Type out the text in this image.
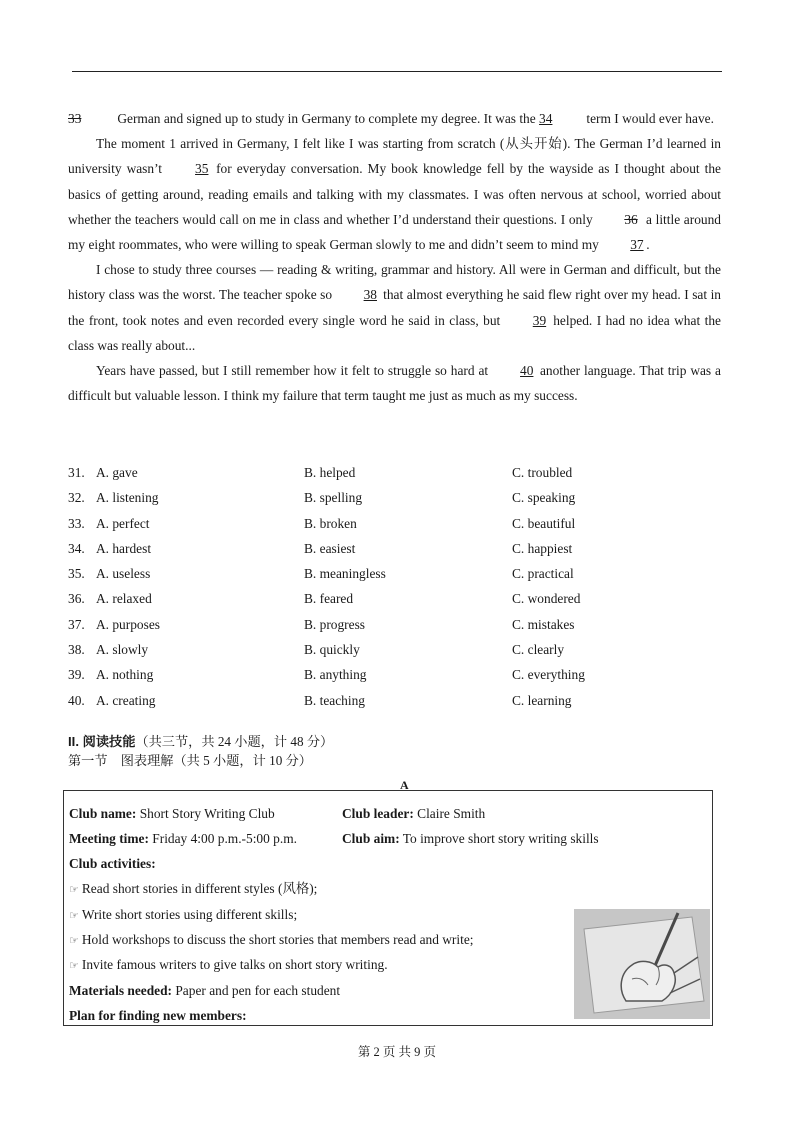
33 German and signed up to study in Germany to complete my degree. It was the 34 term I would ever have.

The moment 1 arrived in Germany, I felt like I was starting from scratch (从头开始). The German I’d learned in university wasn’t 35 for everyday conversation. My book knowledge fell by the wayside as I thought about the basics of getting around, reading emails and talking with my classmates. I was often nervous at school, worried about whether the teachers would call on me in class and whether I’d understand their questions. I only 36 a little around my eight roommates, who were willing to speak German slowly to me and didn’t seem to mind my 37 .

I chose to study three courses — reading & writing, grammar and history. All were in German and difficult, but the history class was the worst. The teacher spoke so 38 that almost everything he said flew right over my head. I sat in the front, took notes and even recorded every single word he said in class, but 39 helped. I had no idea what the class was really about...

Years have passed, but I still remember how it felt to struggle so hard at 40 another language. That trip was a difficult but valuable lesson. I think my failure that term taught me just as much as my success.

31. A. gave	B. helped	C. troubled
32. A. listening	B. spelling	C. speaking
33. A. perfect	B. broken	C. beautiful
34. A. hardest	B. easiest	C. happiest
35. A. useless	B. meaningless	C. practical
36. A. relaxed	B. feared	C. wondered
37. A. purposes	B. progress	C. mistakes
38. A. slowly	B. quickly	C. clearly
39. A. nothing	B. anything	C. everything
40. A. creating	B. teaching	C. learning
II. 阅读技能（共三节，共 24 小题，计 48 分）
第一节　图表理解（共 5 小题，计 10 分）
A
Club name: Short Story Writing Club	Club leader: Claire Smith
Meeting time: Friday 4:00 p.m.-5:00 p.m.	Club aim: To improve short story writing skills
Club activities:
☞ Read short stories in different styles (风格);
☞ Write short stories using different skills;
☞ Hold workshops to discuss the short stories that members read and write;
☞ Invite famous writers to give talks on short story writing.
Materials needed: Paper and pen for each student
Plan for finding new members:
第 2 页 共 9 页
